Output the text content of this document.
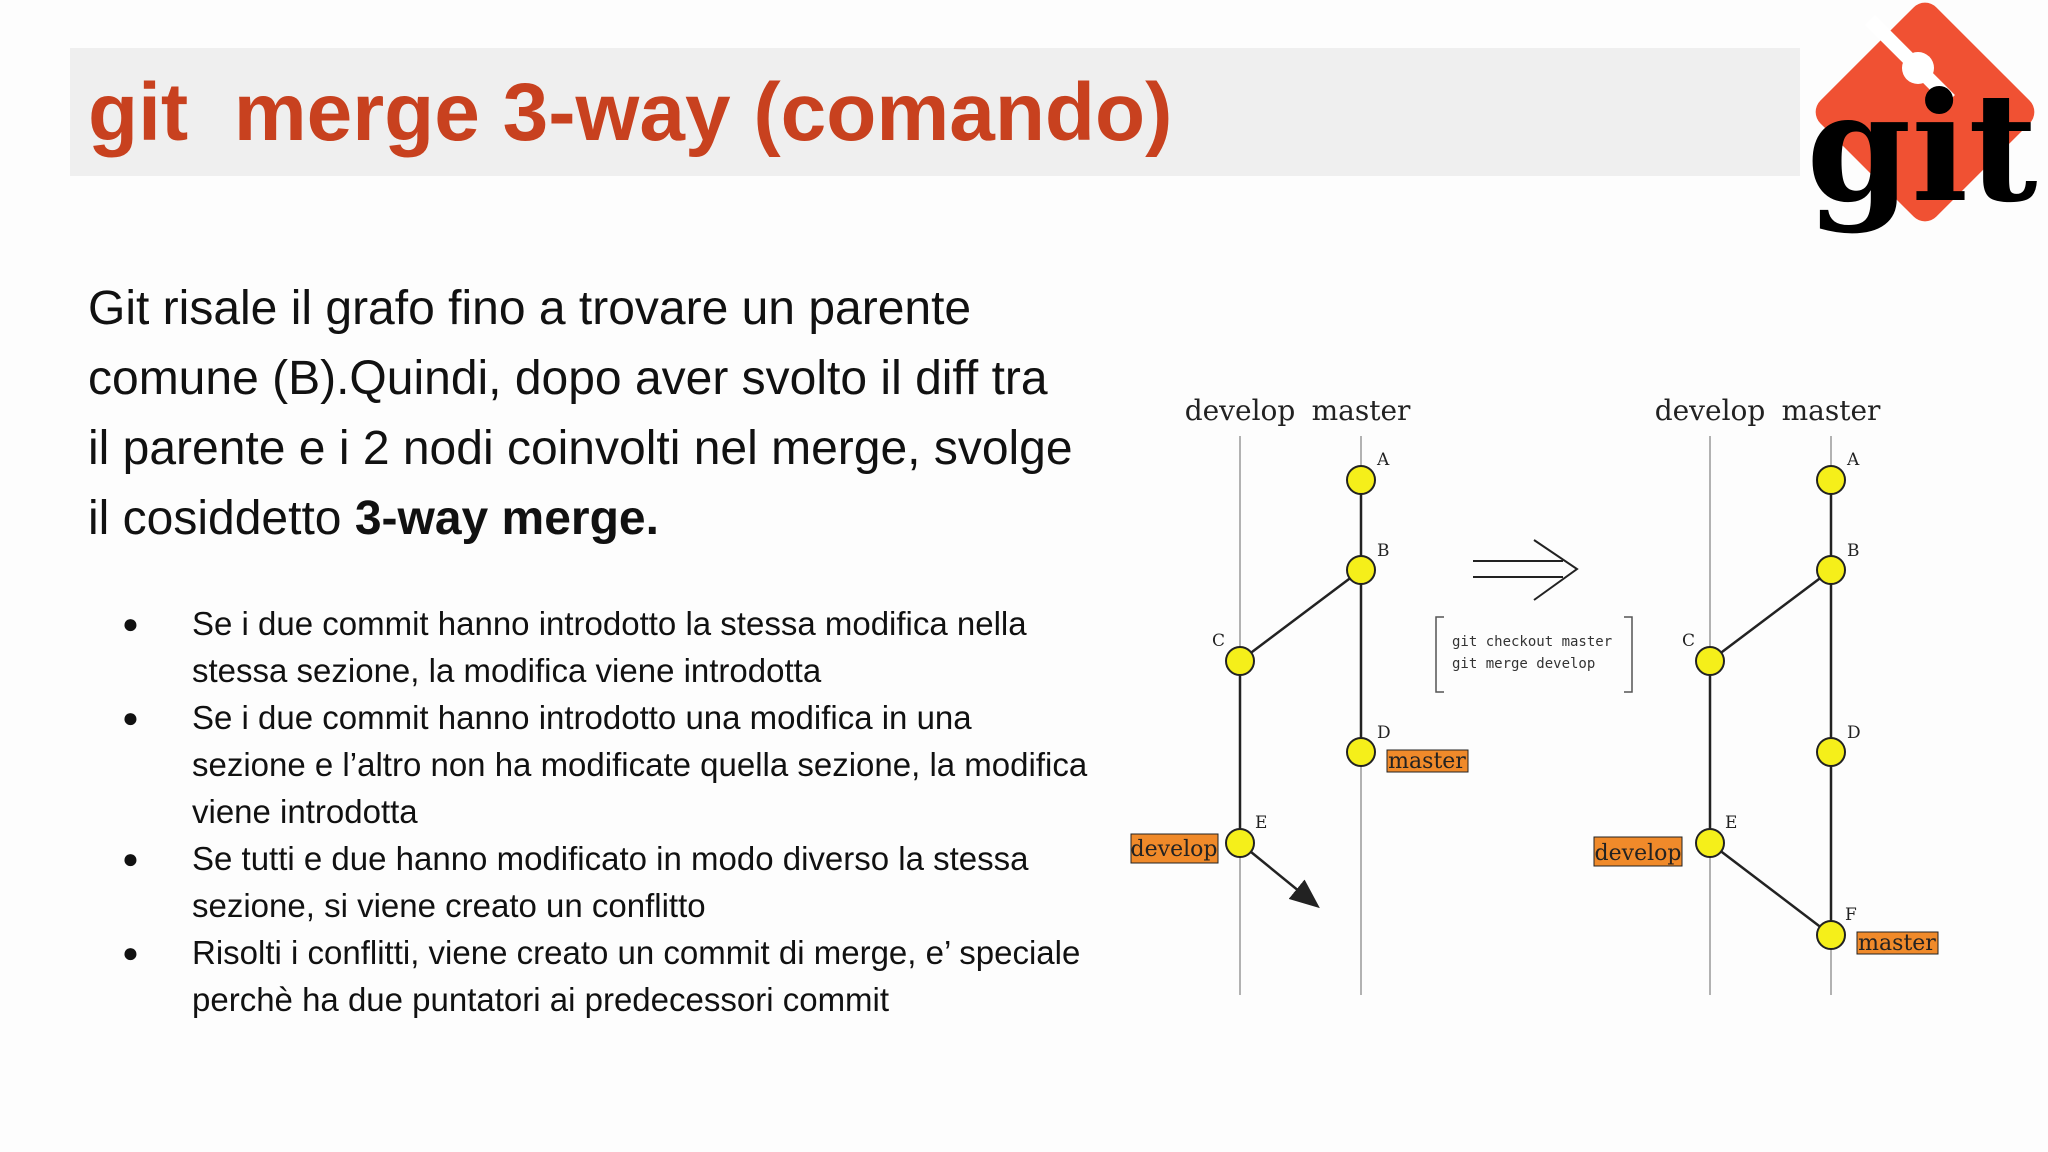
git  merge 3-way (comando)	git

Git risale il grafo fino a trovare un parente comune (B).Quindi, dopo aver svolto il diff tra il parente e i 2 nodi coinvolti nel merge, svolge il cosiddetto 3-way merge.

● Se i due commit hanno introdotto la stessa modifica nella stessa sezione, la modifica viene introdotta
● Se i due commit hanno introdotto una modifica in una sezione e l’altro non ha modificate quella sezione, la modifica viene introdotta
● Se tutti e due hanno modificato in modo diverso la stessa sezione, si viene creato un conflitto
● Risolti i conflitti, viene creato un commit di merge, e’ speciale perchè ha due puntatori ai predecessori commit
develop master
A
B
C
D
E
master
develop
git checkout master
git merge develop
develop master
A
B
C
D
E
F
master
develop
